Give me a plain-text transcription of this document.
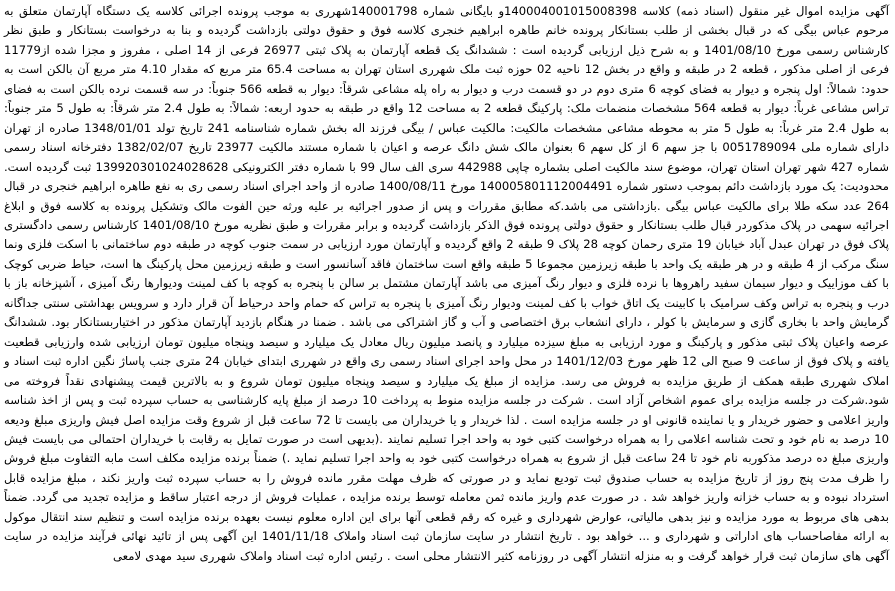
آگهی مزایده اموال غیر منقول (اسناد ذمه) کلاسه 140004001015008398و بایگانی شماره 140001798شهرری به موجب پرونده اجرائی کلاسه یک دستگاه آپارتمان متعلق به مرحوم عباس بیگی که در قبال بخشی از طلب بستانکار پرونده خانم طاهره ابراهیم خنجری کلاسه فوق و حقوق دولتی بازداشت گردیده و بنا به درخواست بستانکار و طبق نظر کارشناس رسمی مورخ 1401/08/10 و به شرح ذیل ارزیابی گردیده است : ششدانگ یک قطعه آپارتمان به پلاک ثبتی 26977 فرعی از 14 اصلی ، مفروز و مجزا شده از11779 فرعی از اصلی مذکور ، قطعه 2 در طبقه و واقع در بخش 12 ناحیه 02 حوزه ثبت ملک شهرری استان تهران به مساحت 65.4 متر مربع که مقدار 4.10 متر مربع آن بالکن است به حدود: شمالاً: اول پنجره و دیوار به فضای کوچه 6 متری دوم در دو قسمت درب و دیوار به راه پله مشاعی شرقاً: دیوار به قطعه 566 جنوباً: در سه قسمت نرده بالکن است به فضای تراس مشاعی غرباً: دیوار به قطعه 564 مشخصات منضمات ملک: پارکینگ قطعه 2 به مساحت 12 واقع در طبقه به حدود اربعه: شمالاً: به طول 2.4 متر شرقاً: به طول 5 متر جنوباً: به طول 2.4 متر غرباً: به طول 5 متر به محوطه مشاعی مشخصات مالکیت: مالکیت عباس / بیگی فرزند اله بخش شماره شناسنامه 241 تاریخ تولد 1348/01/01 صادره از تهران دارای شماره ملی 0051789094 با جز سهم 6 از کل سهم 6 بعنوان مالک شش دانگ عرصه و اعیان با شماره مستند مالکیت 23977 تاریخ 1382/02/07 دفترخانه اسناد رسمی شماره 427 شهر تهران استان تهران، موضوع سند مالکیت اصلی بشماره چاپی 442988 سری الف سال 99 با شماره دفتر الکترونیکی 139920301024028628 ثبت گردیده است. محدودیت: یک مورد بازداشت دائم بموجب دستور شماره 140005801112004491 مورخ 1400/08/11 صادره از واحد اجرای اسناد رسمی ری به نفع طاهره ابراهیم خنجری در قبال 264 عدد سکه طلا برای مالکیت عباس بیگی .بازداشتی می باشد.که مطابق مقررات و پس از صدور اجرائیه بر علیه ورثه حین الفوت مالک وتشکیل پرونده به کلاسه فوق و ابلاغ اجرائیه سهمی در پلاک مذکوردر قبال طلب بستانکار و حقوق دولتی پرونده فوق الذکر بازداشت گردیده و برابر مقررات و طبق نظریه مورخ 1401/08/10 کارشناس رسمی دادگستری پلاک فوق در تهران عبدل آباد خیابان 19 متری رحمان کوچه 28 پلاک 9 طبقه 2 واقع گردیده و آپارتمان مورد ارزیابی در سمت جنوب کوچه در طبقه دوم ساختمانی با اسکت فلزی ونما سنگ مرکب از 4 طبقه و در هر طبقه یک واحد با طبقه زیرزمین مجموعا 5 طبقه واقع است ساختمان فاقد آسانسور است و طبقه زیرزمین محل پارکینگ ها است، حیاط ضربی کوچک با کف موزاییک و دیوار سیمان سفید راهروها با نرده فلزی و دیوار رنگ آمیزی می باشد آپارتمان مشتمل بر سالن با پنجره به کوچه با کف لمینت ودیوارها رنگ آمیزی ، آشپزخانه باز با درب و پنجره به تراس وکف سرامیک با کابینت یک اتاق خواب با کف لمینت ودیوار رنگ آمیزی با پنجره به تراس که حمام واحد درحیاط آن قرار دارد و سرویس بهداشتی سنتی جداگانه گرمایش واحد با بخاری گازی و سرمایش با کولر ، دارای انشعاب برق اختصاصی و آب و گاز اشتراکی می باشد . ضمنا در هنگام بازدید آپارتمان مذکور در اختیاربستانکار بود. ششدانگ عرصه واعیان پلاک ثبتی مذکور و پارکینگ و مورد ارزیابی به مبلغ سیزده میلیارد و پانصد میلیون ریال معادل یک میلیارد و سیصد وپنجاه میلیون تومان ارزیابی شده وارزیابی قطعیت یافته و پلاک فوق از ساعت 9 صبح الی 12 ظهر مورخ 1401/12/03 در محل واحد اجرای اسناد رسمی ری واقع در شهرری ابتدای خیابان 24 متری جنب پاساژ نگین اداره ثبت اسناد و املاک شهرری طبقه همکف از طریق مزایده به فروش می رسد. مزایده از مبلغ یک میلیارد و سیصد وپنجاه میلیون تومان شروع و به بالاترین قیمت پیشنهادی نقداً فروخته می شود.شرکت در جلسه مزایده برای عموم اشخاص آزاد است . شرکت در جلسه مزایده منوط به پرداخت 10 درصد از مبلغ پایه کارشناسی به حساب سپرده ثبت و پس از اخذ شناسه واریز اعلامی و حضور خریدار و یا نماینده قانونی او در جلسه مزایده است . لذا خریدار و یا خریداران می بایست تا 72 ساعت قبل از شروع وقت مزایده اصل فیش واریزی مبلغ ودیعه 10 درصد به نام خود و تحت شناسه اعلامی را به همراه درخواست کتبی خود به واحد اجرا تسلیم نمایند .(بدیهی است در صورت تمایل به رقابت با خریداران احتمالی می بایست فیش واریزی مبلغ ده درصد مذکوربه نام خود تا 24 ساعت قبل از شروع به همراه درخواست کتبی خود به واحد اجرا تسلیم نماید .) ضمناً برنده مزایده مکلف است مابه التفاوت مبلغ فروش را ظرف مدت پنج روز از تاریخ مزایده به حساب صندوق ثبت تودیع نماید و در صورتی که ظرف مهلت مقرر مانده فروش را به حساب سپرده ثبت واریز نکند ، مبلغ مزایده قابل استرداد نبوده و به حساب خزانه واریز خواهد شد . در صورت عدم واریز مانده ثمن معامله توسط برنده مزایده ، عملیات فروش از درجه اعتبار ساقط و مزایده تجدید می گردد. ضمناً بدهی های مربوط به مورد مزایده و نیز بدهی مالیاتی، عوارض شهرداری و غیره که رقم قطعی آنها برای این اداره معلوم نیست بعهده برنده مزایده است و تنظیم سند انتقال موکول به ارائه مفاصاحساب های اداراتی و شهرداری و ... خواهد بود . تاریخ انتشار در سایت سازمان ثبت اسناد واملاک 1401/11/18 این آگهی پس از تائید نهائی فرآیند مزایده در سایت آگهی های سازمان ثبت قرار خواهد گرفت و به منزله انتشار آگهی در روزنامه کثیر الانتشار محلی است . رئیس اداره ثبت اسناد واملاک شهرری سید مهدی لامعی
